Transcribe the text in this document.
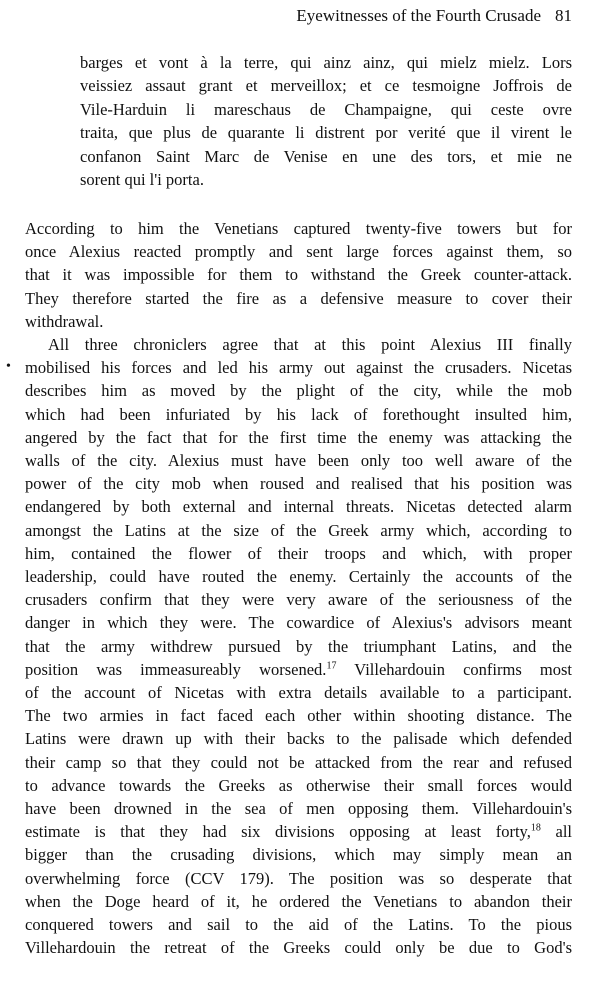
Eyewitnesses of the Fourth Crusade 81
•
barges et vont à la terre, qui ainz ainz, qui mielz mielz. Lors
veissiez assaut grant et merveillox; et ce tesmoigne Joffrois de
Vile-Harduin li mareschaus de Champaigne, qui ceste ovre
traita, que plus de quarante li distrent por verité que il virent le
confanon Saint Marc de Venise en une des tors, et mie ne
sorent qui l'i porta.
According to him the Venetians captured twenty-five towers but for
once Alexius reacted promptly and sent large forces against them, so
that it was impossible for them to withstand the Greek counter-attack.
They therefore started the fire as a defensive measure to cover their
withdrawal.
All three chroniclers agree that at this point Alexius III finally
mobilised his forces and led his army out against the crusaders. Nicetas
describes him as moved by the plight of the city, while the mob
which had been infuriated by his lack of forethought insulted him,
angered by the fact that for the first time the enemy was attacking the
walls of the city. Alexius must have been only too well aware of the
power of the city mob when roused and realised that his position was
endangered by both external and internal threats. Nicetas detected alarm
amongst the Latins at the size of the Greek army which, according to
him, contained the flower of their troops and which, with proper
leadership, could have routed the enemy. Certainly the accounts of the
crusaders confirm that they were very aware of the seriousness of the
danger in which they were. The cowardice of Alexius's advisors meant
that the army withdrew pursued by the triumphant Latins, and the
position was immeasureably worsened.$^{17}$ Villehardouin confirms most
of the account of Nicetas with extra details available to a participant.
The two armies in fact faced each other within shooting distance. The
Latins were drawn up with their backs to the palisade which defended
their camp so that they could not be attacked from the rear and refused
to advance towards the Greeks as otherwise their small forces would
have been drowned in the sea of men opposing them. Villehardouin's
estimate is that they had six divisions opposing at least forty,$^{18}$ all
bigger than the crusading divisions, which may simply mean an
overwhelming force (CCV 179). The position was so desperate that
when the Doge heard of it, he ordered the Venetians to abandon their
conquered towers and sail to the aid of the Latins. To the pious
Villehardouin the retreat of the Greeks could only be due to God's
